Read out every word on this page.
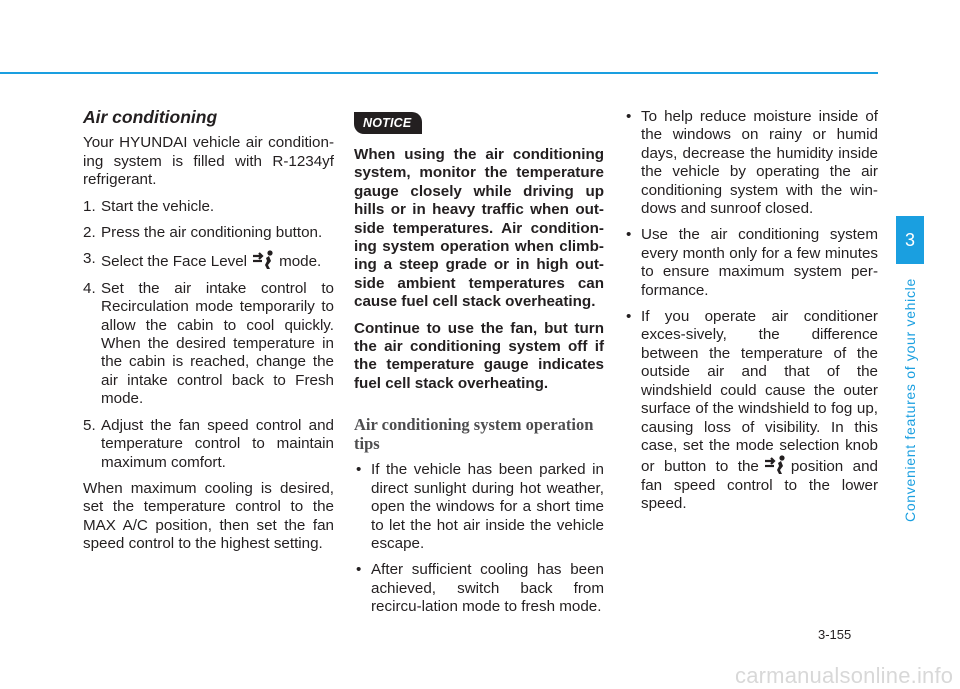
Air conditioning

Your HYUNDAI vehicle air condition-ing system is filled with R-1234yf refrigerant.

1. Start the vehicle.
2. Press the air conditioning button.
3. Select the Face Level mode.
4. Set the air intake control to Recirculation mode temporarily to allow the cabin to cool quickly. When the desired temperature in the cabin is reached, change the air intake control back to Fresh mode.
5. Adjust the fan speed control and temperature control to maintain maximum comfort.

When maximum cooling is desired, set the temperature control to the MAX A/C position, then set the fan speed control to the highest setting.

NOTICE

When using the air conditioning system, monitor the temperature gauge closely while driving up hills or in heavy traffic when out-side temperatures. Air condition-ing system operation when climb-ing a steep grade or in high out-side ambient temperatures can cause fuel cell stack overheating.

Continue to use the fan, but turn the air conditioning system off if the temperature gauge indicates fuel cell stack overheating.

Air conditioning system operation tips
• If the vehicle has been parked in direct sunlight during hot weather, open the windows for a short time to let the hot air inside the vehicle escape.
• After sufficient cooling has been achieved, switch back from recircu-lation mode to fresh mode.
• To help reduce moisture inside of the windows on rainy or humid days, decrease the humidity inside the vehicle by operating the air conditioning system with the win-dows and sunroof closed.
• Use the air conditioning system every month only for a few minutes to ensure maximum system per-formance.
• If you operate air conditioner exces-sively, the difference between the temperature of the outside air and that of the windshield could cause the outer surface of the windshield to fog up, causing loss of visibility. In this case, set the mode selection knob or button to the position and fan speed control to the lower speed.
3
Convenient features of your vehicle
3-155
carmanualsonline.info
